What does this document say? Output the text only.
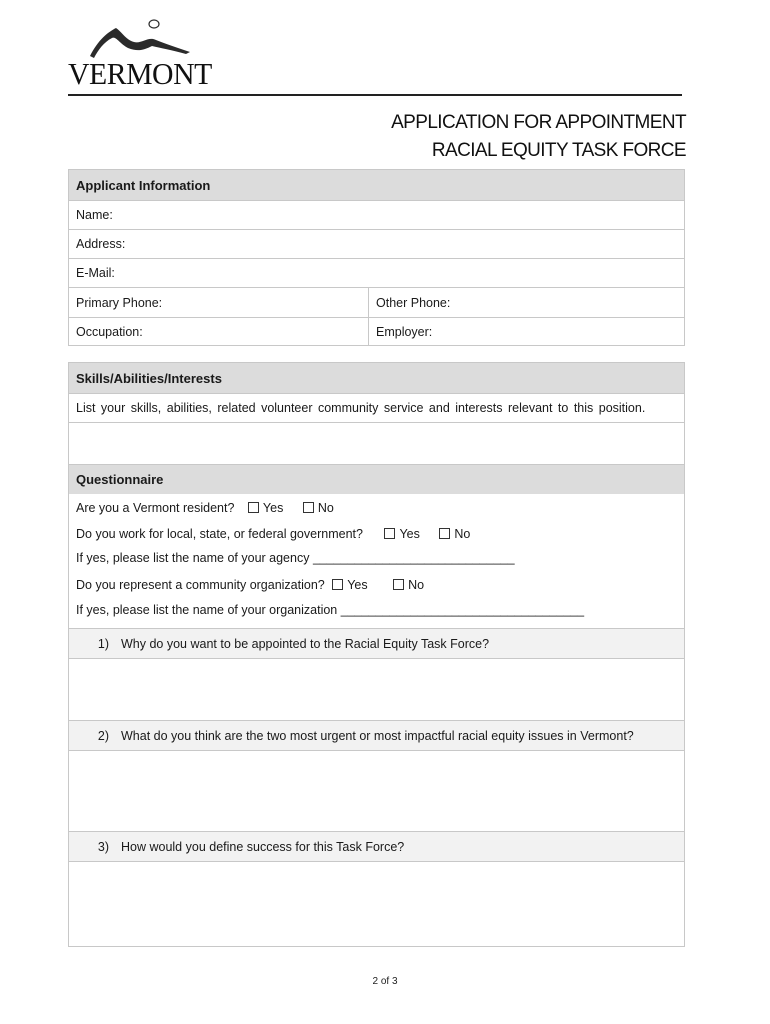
VERMONT
APPLICATION FOR APPOINTMENT
RACIAL EQUITY TASK FORCE
Applicant Information
Name:
Address:
E-Mail:
Primary Phone:	Other Phone:
Occupation:	Employer:
Skills/Abilities/Interests
List your skills, abilities, related volunteer community service and interests relevant to this position.
Questionnaire
Are you a Vermont resident? Yes	No
Do you work for local, state, or federal government?	Yes	No
If yes, please list the name of your agency _____________________________
Do you represent a community organization? Yes	No
If yes, please list the name of your organization ___________________________________
1) Why do you want to be appointed to the Racial Equity Task Force?
2) What do you think are the two most urgent or most impactful racial equity issues in Vermont?
3) How would you define success for this Task Force?
2 of 3
